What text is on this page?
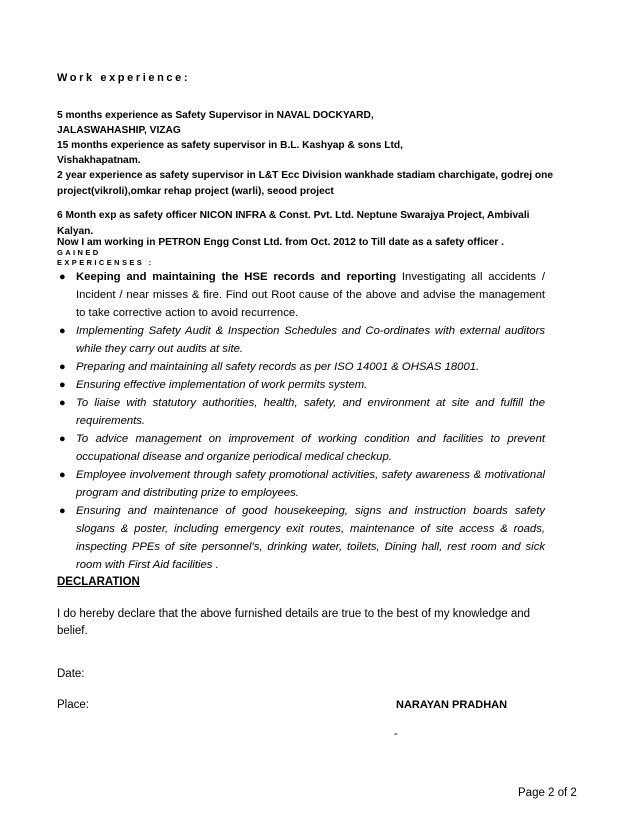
Work experience:
5 months experience as Safety Supervisor in NAVAL DOCKYARD,
JALASWAHASHIP, VIZAG
15 months experience as safety supervisor in B.L. Kashyap & sons Ltd,
Vishakhapatnam.
2 year experience as safety supervisor in L&T Ecc Division wankhade stadiam charchigate, godrej one project(vikroli),omkar rehap project (warli), seood project
6 Month exp as safety officer NICON INFRA & Const. Pvt. Ltd. Neptune Swarajya Project, Ambivali Kalyan.
Now I am working in PETRON Engg Const Ltd. from Oct. 2012 to Till date as a safety officer .
GAINED
EXPERICENSES :
● Keeping and maintaining the HSE records and reporting Investigating all accidents / Incident / near misses & fire. Find out Root cause of the above and advise the management to take corrective action to avoid recurrence.
● Implementing Safety Audit & Inspection Schedules and Co-ordinates with external auditors while they carry out audits at site.
● Preparing and maintaining all safety records as per ISO 14001 & OHSAS 18001.
● Ensuring effective implementation of work permits system.
● To liaise with statutory authorities, health, safety, and environment at site and fulfill the requirements.
● To advice management on improvement of working condition and facilities to prevent occupational disease and organize periodical medical checkup.
● Employee involvement through safety promotional activities, safety awareness & motivational program and distributing prize to employees.
● Ensuring and maintenance of good housekeeping, signs and instruction boards safety slogans & poster, including emergency exit routes, maintenance of site access & roads, inspecting PPEs of site personnel's, drinking water, toilets, Dining hall, rest room and sick room with First Aid facilities .
DECLARATION
I do hereby declare that the above furnished details are true to the best of my knowledge and belief.
Date:
Place:	NARAYAN PRADHAN
-
Page 2 of 2
